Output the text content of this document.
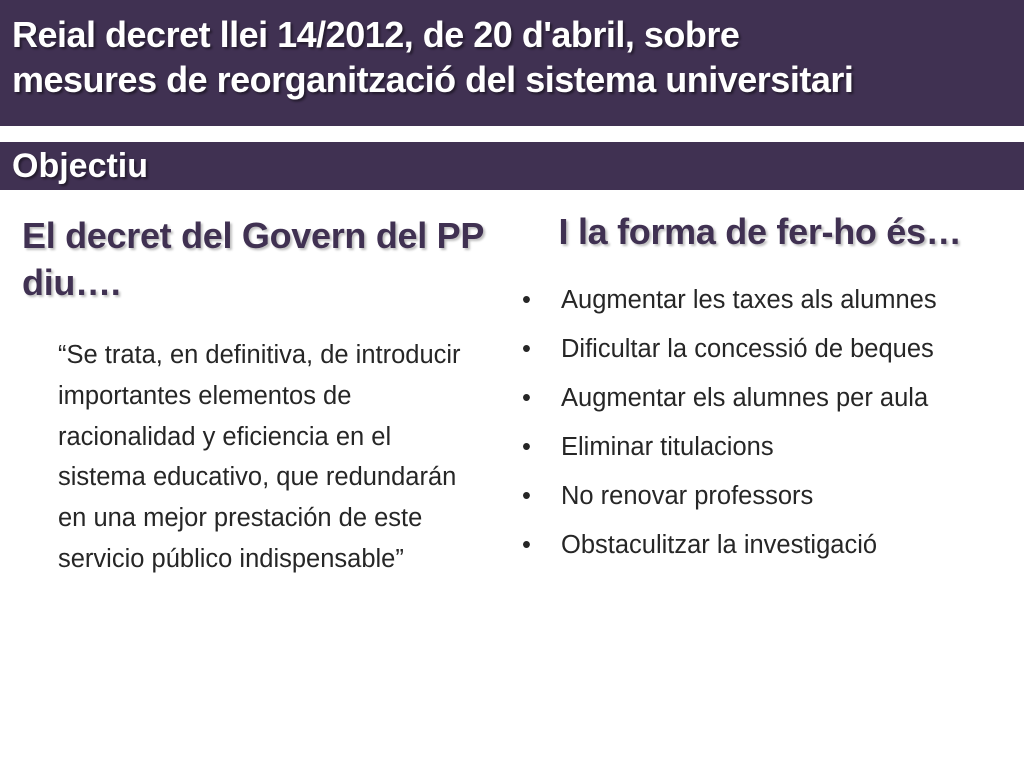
Reial decret llei 14/2012, de 20 d'abril, sobre
mesures de reorganització del sistema universitari
Objectiu
El decret del Govern del PP diu….
“Se trata, en definitiva, de introducir importantes elementos de racionalidad y eficiencia en el sistema educativo, que redundarán en una mejor prestación de este servicio público indispensable”
I la forma de fer-ho és…
•	Augmentar les taxes als alumnes
•	Dificultar la concessió de beques
•	Augmentar els alumnes per aula
•	Eliminar titulacions
•	No renovar professors
•	Obstaculitzar la investigació
